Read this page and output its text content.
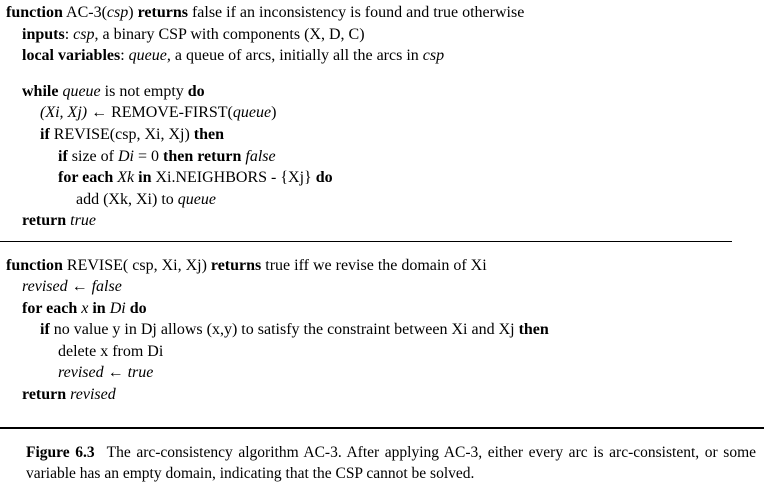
function AC-3(csp) returns false if an inconsistency is found and true otherwise
inputs: csp, a binary CSP with components (X, D, C)
local variables: queue, a queue of arcs, initially all the arcs in csp
while queue is not empty do
(Xi, Xj) ← REMOVE-FIRST(queue)
if REVISE(csp, Xi, Xj) then
if size of Di = 0 then return false
for each Xk in Xi.NEIGHBORS - {Xj} do
add (Xk, Xi) to queue
return true
function REVISE( csp, Xi, Xj) returns true iff we revise the domain of Xi
revised ← false
for each x in Di do
if no value y in Dj allows (x,y) to satisfy the constraint between Xi and Xj then
delete x from Di
revised ← true
return revised
Figure 6.3 The arc-consistency algorithm AC-3. After applying AC-3, either every arc is arc-consistent, or some variable has an empty domain, indicating that the CSP cannot be solved.
